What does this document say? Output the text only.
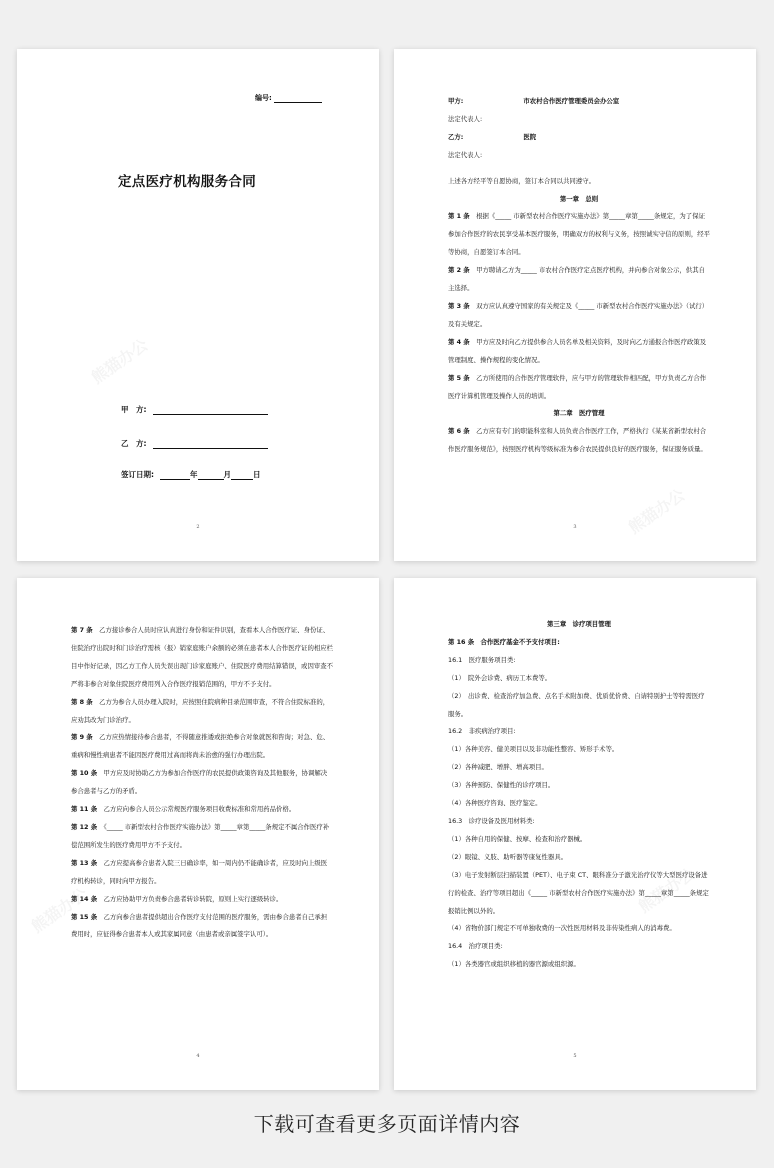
编号:
定点医疗机构服务合同
甲　方:
乙　方:
签订日期:	年	月	日
2

甲方:	市农村合作医疗管理委员会办公室

法定代表人:

乙方:	医院

法定代表人:

上述各方经平等自愿协商，签订本合同以共同遵守。

第一章　总则

第 1 条　 根据《_____ 市新型农村合作医疗实施办法》第_____章第_____条规定，为了保证参加合作医疗的农民享受基本医疗服务，明确双方的权利与义务，按照诚实守信的原则，经平等协商，自愿签订本合同。

第 2 条　 甲方聘请乙方为_____ 市农村合作医疗定点医疗机构，并向参合对象公示，供其自主选择。

第 3 条　 双方应认真遵守国家的有关规定及《_____ 市新型农村合作医疗实施办法》（试行）及有关规定。

第 4 条　 甲方应及时向乙方提供参合人员名单及相关资料，及时向乙方通报合作医疗政策及管理制度、操作规程的变化情况。

第 5 条　 乙方所使用的合作医疗管理软件，应与甲方的管理软件相匹配，甲方负责乙方合作医疗计算机管理及操作人员的培训。

第二章　医疗管理

第 6 条　 乙方应有专门的职能科室和人员负责合作医疗工作，严格执行《某某省新型农村合作医疗服务规范》，按照医疗机构等级标准为参合农民提供良好的医疗服务，保证服务质量。

3

第 7 条　 乙方接诊参合人员时应认真进行身份和证件识别，查看本人合作医疗证、身份证、住院治疗出院时和门诊治疗需核（报）销家庭账户余额的必须在患者本人合作医疗证的相应栏目中作好记录，因乙方工作人员失误出现门诊家庭账户、住院医疗费用结算错误，或因审查不严将非参合对象住院医疗费用列入合作医疗报销范围的，甲方不予支付。

第 8 条　 乙方为参合人员办理入院时，应按照住院病种目录范围审查，不符合住院标准的，应劝其改为门诊治疗。

第 9 条　 乙方应热情接待参合患者，不得随意推诿或拒绝参合对象就医和咨询；对急、危、重病和慢性病患者不能因医疗费用过高而将尚未治愈的强行办理出院。

第 10 条　 甲方应及时协助乙方为参加合作医疗的农民提供政策咨询及其他服务，协调解决参合患者与乙方的矛盾。

第 11 条　 乙方应向参合人员公示常规医疗服务项目收费标准和常用药品价格。

第 12 条　 《_____ 市新型农村合作医疗实施办法》第_____章第_____条规定不属合作医疗补偿范围所发生的医疗费用甲方不予支付。

第 13 条　 乙方应提高参合患者入院三日确诊率，如一周内仍不能确诊者，应及时向上级医疗机构转诊，同时向甲方报告。

第 14 条　 乙方应协助甲方负责参合患者转诊转院，原则上实行逐级转诊。

第 15 条　 乙方向参合患者提供超出合作医疗支付范围的医疗服务，需由参合患者自己承担费用时，应征得参合患者本人或其家属同意（由患者或亲属签字认可）。

4

第三章　诊疗项目管理

第 16 条　合作医疗基金不予支付项目:

16.1　医疗服务项目类:

（1）　院外会诊费、病历工本费等。

（2）　出诊费、检查治疗加急费、点名手术附加费、优质优价费、自请特别护士等特需医疗服务。

16.2　非疾病治疗项目:

（1）各种美容、健美项目以及非功能性整容、矫形手术等。

（2）各种减肥、增胖、增高项目。

（3）各种预防、保健性的诊疗项目。

（4）各种医疗咨询、医疗鉴定。

16.3　诊疗设备及医用材料类:

（1）各种自用的保健、按摩、检查和治疗器械。

（2）眼镜、义肢、助听器等康复性器具。

（3）电子发射断层扫描装置（PET）、电子束 CT、眼科准分子激光治疗仪等大型医疗设备进行的检查、治疗等项目超出《_____ 市新型农村合作医疗实施办法》第_____章第_____条规定报销比例以外的。

（4）省物价部门规定不可单独收费的一次性医用材料及非传染性病人的消毒费。

16.4　治疗项目类:

（1）各类器官或组织移植的器官源或组织源。

5
下载可查看更多页面详情内容
